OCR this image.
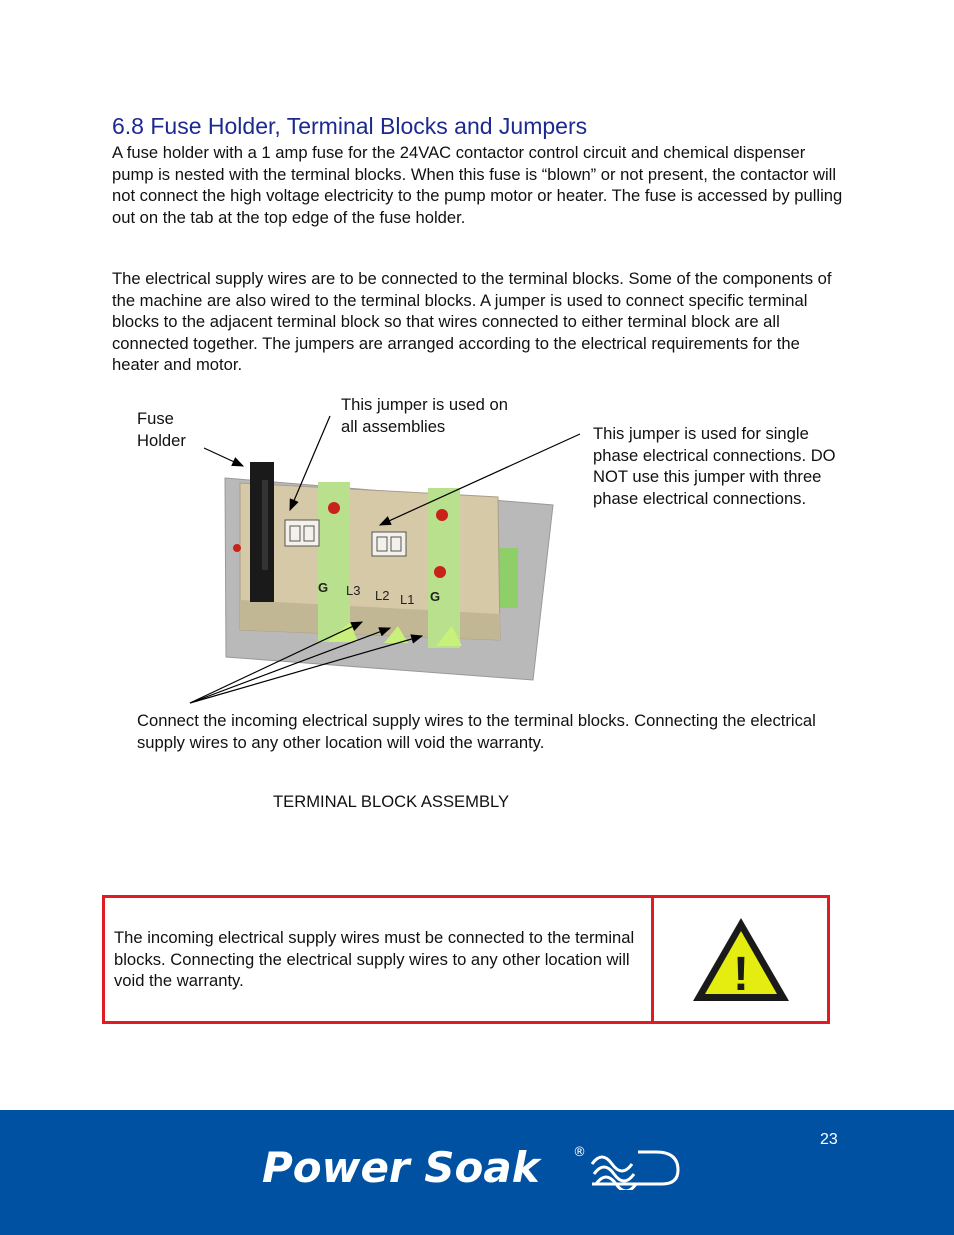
6.8 Fuse Holder, Terminal Blocks and Jumpers

A fuse holder with a 1 amp fuse for the 24VAC contactor control circuit and chemical dispenser pump is nested with the terminal blocks. When this fuse is “blown” or not present, the contactor will not connect the high voltage electricity to the pump motor or heater. The fuse is accessed by pulling out on the tab at the top edge of the fuse holder.

The electrical supply wires are to be connected to the terminal blocks. Some of the components of the machine are also wired to the terminal blocks. A jumper is used to connect specific terminal blocks to the adjacent terminal block so that wires connected to either terminal block are all connected together. The jumpers are arranged according to the electrical requirements for the heater and motor.

G
G
L3 L2 L1

Fuse Holder

This jumper is used on all assemblies	This jumper is used for single phase electrical connections. DO NOT use this jumper with three phase electrical connections.

Connect the incoming electrical supply wires to the terminal blocks. Connecting the electrical supply wires to any other location will void the warranty.

TERMINAL BLOCK ASSEMBLY

The incoming electrical supply wires must be connected to the terminal blocks. Connecting the electrical supply wires to any other location will void the warranty.	!
23
Power Soak	®
